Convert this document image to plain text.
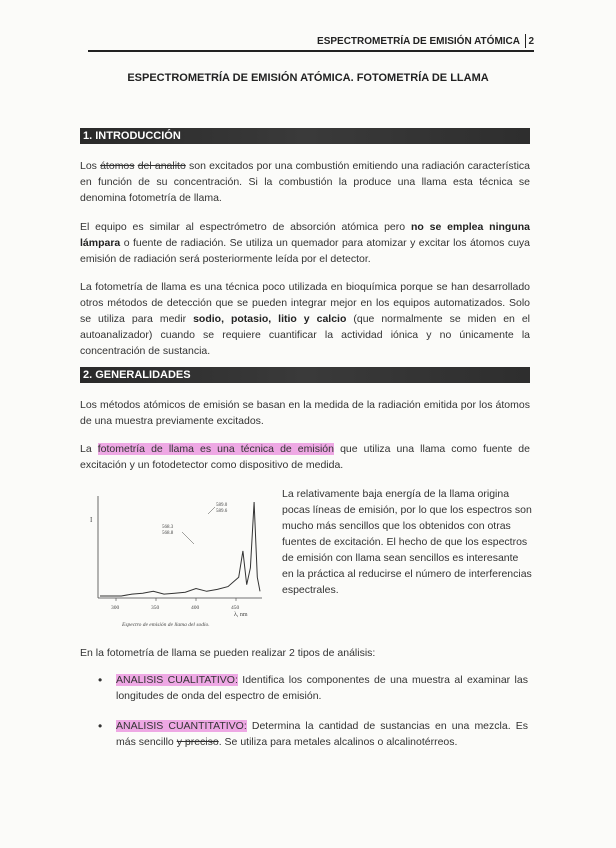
ESPECTROMETRÍA DE EMISIÓN ATÓMICA 2
ESPECTROMETRÍA DE EMISIÓN ATÓMICA. FOTOMETRÍA DE LLAMA
1. INTRODUCCIÓN

Los átomos del analito son excitados por una combustión emitiendo una radiación característica en función de su concentración. Si la combustión la produce una llama esta técnica se denomina fotometría de llama.

El equipo es similar al espectrómetro de absorción atómica pero no se emplea ninguna lámpara o fuente de radiación. Se utiliza un quemador para atomizar y excitar los átomos cuya emisión de radiación será posteriormente leída por el detector.

La fotometría de llama es una técnica poco utilizada en bioquímica porque se han desarrollado otros métodos de detección que se pueden integrar mejor en los equipos automatizados. Solo se utiliza para medir sodio, potasio, litio y calcio (que normalmente se miden en el autoanalizador) cuando se requiere cuantificar la actividad iónica y no únicamente la concentración de sustancia.

2. GENERALIDADES

Los métodos atómicos de emisión se basan en la medida de la radiación emitida por los átomos de una muestra previamente excitados.

La fotometría de llama es una técnica de emisión que utiliza una llama como fuente de excitación y un fotodetector como dispositivo de medida.

I
300	350	400	450
589.0
589.6
568.3
568.8
λ, nm
Espectro de emisión de llama del sodio.

La relativamente baja energía de la llama origina pocas líneas de emisión, por lo que los espectros son mucho más sencillos que los obtenidos con otras fuentes de excitación. El hecho de que los espectros de emisión con llama sean sencillos es interesante en la práctica al reducirse el número de interferencias espectrales.

En la fotometría de llama se pueden realizar 2 tipos de análisis:

• ANALISIS CUALITATIVO: Identifica los componentes de una muestra al examinar las longitudes de onda del espectro de emisión.
• ANALISIS CUANTITATIVO: Determina la cantidad de sustancias en una mezcla. Es más sencillo y preciso. Se utiliza para metales alcalinos o alcalinotérreos.
